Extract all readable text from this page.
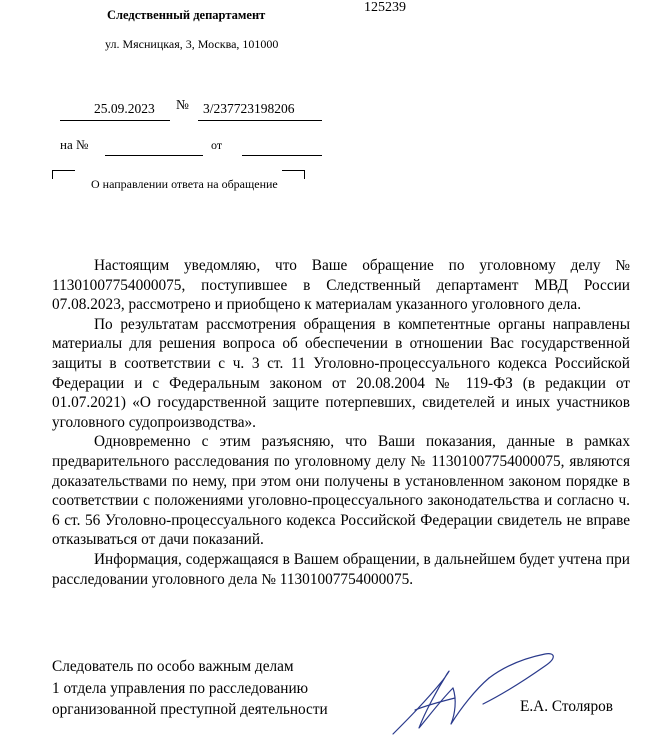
Следственный департамент	125239
ул. Мясницкая, 3, Москва, 101000
25.09.2023 № 3/237723198206
на №	от
О направлении ответа на обращение

Настоящим уведомляю, что Ваше обращение по уголовному делу № 11301007754000075, поступившее в Следственный департамент МВД России 07.08.2023, рассмотрено и приобщено к материалам указанного уголовного дела.

По результатам рассмотрения обращения в компетентные органы направлены материалы для решения вопроса об обеспечении в отношении Вас государственной защиты в соответствии с ч. 3 ст. 11 Уголовно-процессуального кодекса Российской Федерации и с Федеральным законом от 20.08.2004 № 119-ФЗ (в редакции от 01.07.2021) «О государственной защите потерпевших, свидетелей и иных участников уголовного судопроизводства».

Одновременно с этим разъясняю, что Ваши показания, данные в рамках предварительного расследования по уголовному делу № 11301007754000075, являются доказательствами по нему, при этом они получены в установленном законом порядке в соответствии с положениями уголовно-процессуального законодательства и согласно ч. 6 ст. 56 Уголовно-процессуального кодекса Российской Федерации свидетель не вправе отказываться от дачи показаний.

Информация, содержащаяся в Вашем обращении, в дальнейшем будет учтена при расследовании уголовного дела № 11301007754000075.

Следователь по особо важным делам
1 отдела управления по расследованию
организованной преступной деятельности	Е.А. Столяров
